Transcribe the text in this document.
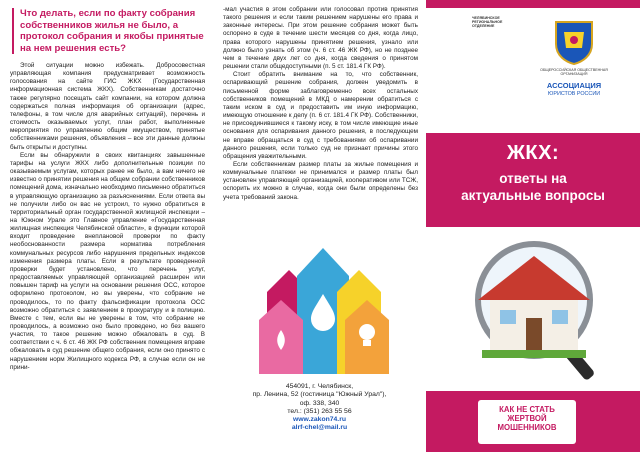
Что делать, если по факту собрания собственников жилья не было, а протокол собрания и якобы принятые на нем решения есть?

Этой ситуации можно избежать. Добросовестная управляющая компания предусматривает возможность голосования на сайте ГИС ЖКХ (Государственная информационная система ЖКХ). Собственникам достаточно также регулярно посещать сайт компании, на котором должна содержаться полная информация об организации (адрес, телефоны, в том числе для аварийных ситуаций), перечень и стоимость оказываемых услуг, план работ, выполненные мероприятия по управлению общим имуществом, принятые собственниками решения, объявления – все эти данные должны быть открыты и доступны.

Если вы обнаружили в своих квитанциях завышенные тарифы на услуги ЖКХ либо дополнительные позиции по оказываемым услугам, которых ранее не было, а вам ничего не известно о принятии решения на общем собрании собственников помещений дома, изначально необходимо письменно обратиться в управляющую организацию за разъяснениями. Если ответа вы не получили либо он вас не устроил, то нужно обратиться в территориальный орган государственной жилищной инспекции – на Южном Урале это Главное управление «Государственная жилищная инспекция Челябинской области», в функции которой входит проведение внеплановой проверки по факту необоснованности размера норматива потребления коммунальных ресурсов либо нарушения предельных индексов изменения размера платы. Если в результате проведенной проверки будет установлено, что перечень услуг, предоставляемых управляющей организацией расширен или повышен тариф на услуги на основании решения ОСС, которое оформлено протоколом, но вы уверены, что собрание не проводилось, то по факту фальсификации протокола ОСС возможно обратиться с заявлением в прокуратуру и в полицию. Вместе с тем, если вы не уверены в том, что собрание не проводилось, а возможно оно было проведено, но без вашего участия, то такое решение можно обжаловать в суд. В соответствии с ч. 6 ст. 46 ЖК РФ собственник помещения вправе обжаловать в суд решение общего собрания, если оно принято с нарушением норм Жилищного кодекса РФ, в случае если он не прини-

-мал участия в этом собрании или голосовал против принятия такого решения и если таким решением нарушены его права и законные интересы. При этом решение собрания может быть оспорено в суде в течение шести месяцев со дня, когда лицо, права которого нарушены принятием решения, узнало или должно было узнать об этом (ч. 6 ст. 46 ЖК РФ), но не позднее чем в течение двух лет со дня, когда сведения о принятом решении стали общедоступными (п. 5 ст. 181.4 ГК РФ).

Стоит обратить внимание на то, что собственник, оспаривающий решение собрания, должен уведомить в письменной форме заблаговременно всех остальных собственников помещений в МКД о намерении обратиться с таким иском в суд и предоставить им иную информацию, имеющую отношение к делу (п. 6 ст. 181.4 ГК РФ). Собственники, не присоединившиеся к такому иску, в том числе имеющие иные основания для оспаривания данного решения, в последующем не вправе обращаться в суд с требованиями об оспаривании данного решения, если только суд не признает причины этого обращения уважительными.

Если собственникам размер платы за жилые помещения и коммунальные платежи не принимался и размер платы был установлен управляющей организацией, кооперативом или ТСЖ, оспорить их можно в случае, когда они были определены без учета требований закона.

454091, г. Челябинск,
пр. Ленина, 52 (гостиница "Южный Урал"),
оф. 338, 340
тел.: (351) 263 55 56
www.zakon74.ru
alrf-chel@mail.ru
ЧЕЛЯБИНСКОЕ РЕГИОНАЛЬНОЕ ОТДЕЛЕНИЕ
ОБЩЕРОССИЙСКАЯ ОБЩЕСТВЕННАЯ ОРГАНИЗАЦИЯ
АССОЦИАЦИЯ
ЮРИСТОВ РОССИИ
ЖКХ:
ответы на
актуальные вопросы
КАК НЕ СТАТЬ
ЖЕРТВОЙ
МОШЕННИКОВ
